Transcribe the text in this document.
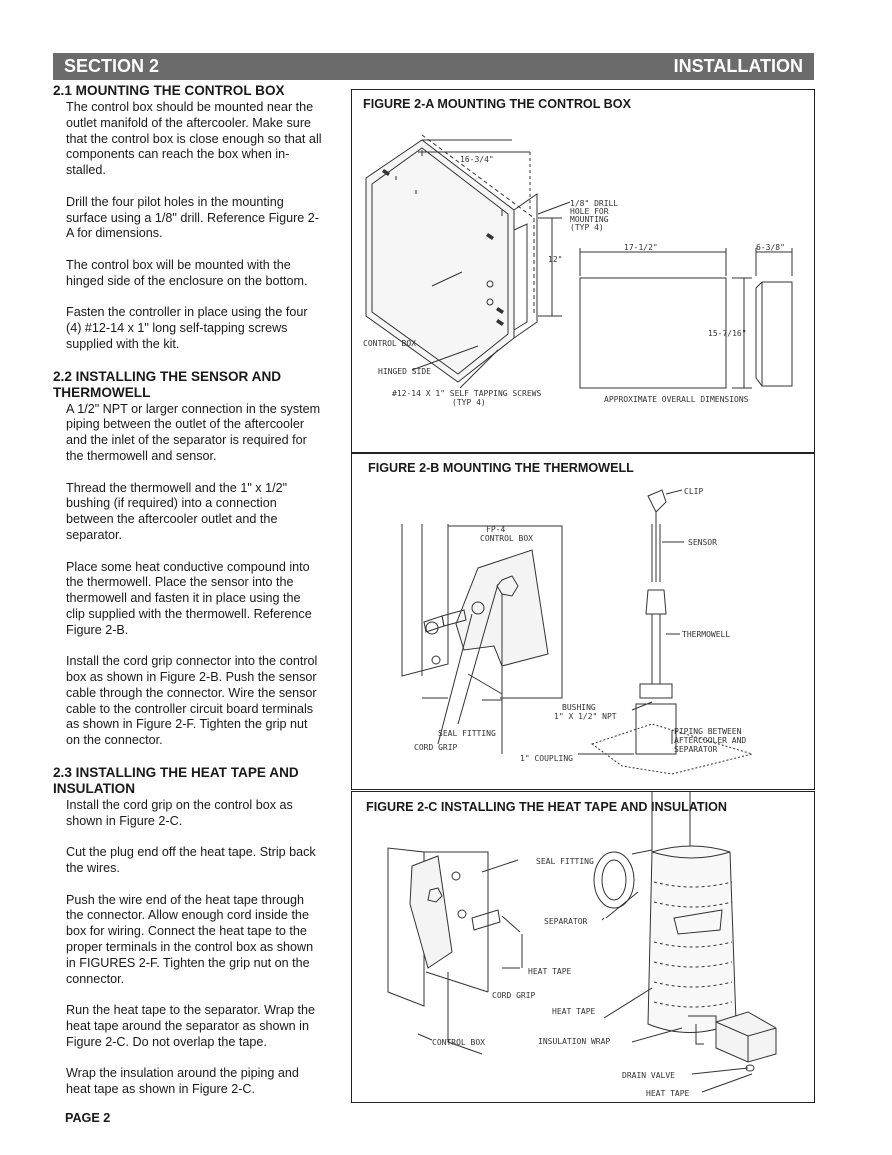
SECTION 2	INSTALLATION
2.1 MOUNTING THE CONTROL BOX
The control box should be mounted near the
outlet manifold of the aftercooler. Make sure
that the control box is close enough so that all
components can reach the box when in-
stalled.
Drill the four pilot holes in the mounting
surface using a 1/8" drill. Reference Figure 2-
A for dimensions.
The control box will be mounted with the
hinged side of the enclosure on the bottom.
Fasten the controller in place using the four
(4) #12-14 x 1" long self-tapping screws
supplied with the kit.
2.2 INSTALLING THE SENSOR AND
THERMOWELL
A 1/2" NPT or larger connection in the system
piping between the outlet of the aftercooler
and the inlet of the separator is required for
the thermowell and sensor.
Thread the thermowell and the 1" x 1/2"
bushing (if required) into a connection
between the aftercooler outlet and the
separator.
Place some heat conductive compound into
the thermowell. Place the sensor into the
thermowell and fasten it in place using the
clip supplied with the thermowell. Reference
Figure 2-B.
Install the cord grip connector into the control
box as shown in Figure 2-B. Push the sensor
cable through the connector. Wire the sensor
cable to the controller circuit board terminals
as shown in Figure 2-F. Tighten the grip nut
on the connector.
2.3 INSTALLING THE HEAT TAPE AND
INSULATION
Install the cord grip on the control box as
shown in Figure 2-C.
Cut the plug end off the heat tape. Strip back
the wires.
Push the wire end of the heat tape through
the connector. Allow enough cord inside the
box for wiring. Connect the heat tape to the
proper terminals in the control box as shown
in FIGURES 2-F. Tighten the grip nut on the
connector.
Run the heat tape to the separator. Wrap the
heat tape around the separator as shown in
Figure 2-C. Do not overlap the tape.
Wrap the insulation around the piping and
heat tape as shown in Figure 2-C.
FIGURE 2-A MOUNTING THE CONTROL BOX
16-3/4"
1/8" DRILL HOLE FOR MOUNTING (TYP 4)
12"
17-1/2"	6-3/8"
15-7/16"
CONTROL BOX
HINGED SIDE
#12-14 X 1" SELF TAPPING SCREWS (TYP 4)	APPROXIMATE OVERALL DIMENSIONS
FIGURE 2-B MOUNTING THE THERMOWELL
FP-4 CONTROL BOX
CLIP
SENSOR
THERMOWELL
BUSHING 1" X 1/2" NPT
PIPING BETWEEN AFTERCOOLER AND SEPARATOR
SEAL FITTING
CORD GRIP
1" COUPLING
FIGURE 2-C INSTALLING THE HEAT TAPE AND INSULATION
SEAL FITTING
SEPARATOR
HEAT TAPE
CORD GRIP
HEAT TAPE
CONTROL BOX	INSULATION WRAP
DRAIN VALVE
HEAT TAPE
PAGE 2
